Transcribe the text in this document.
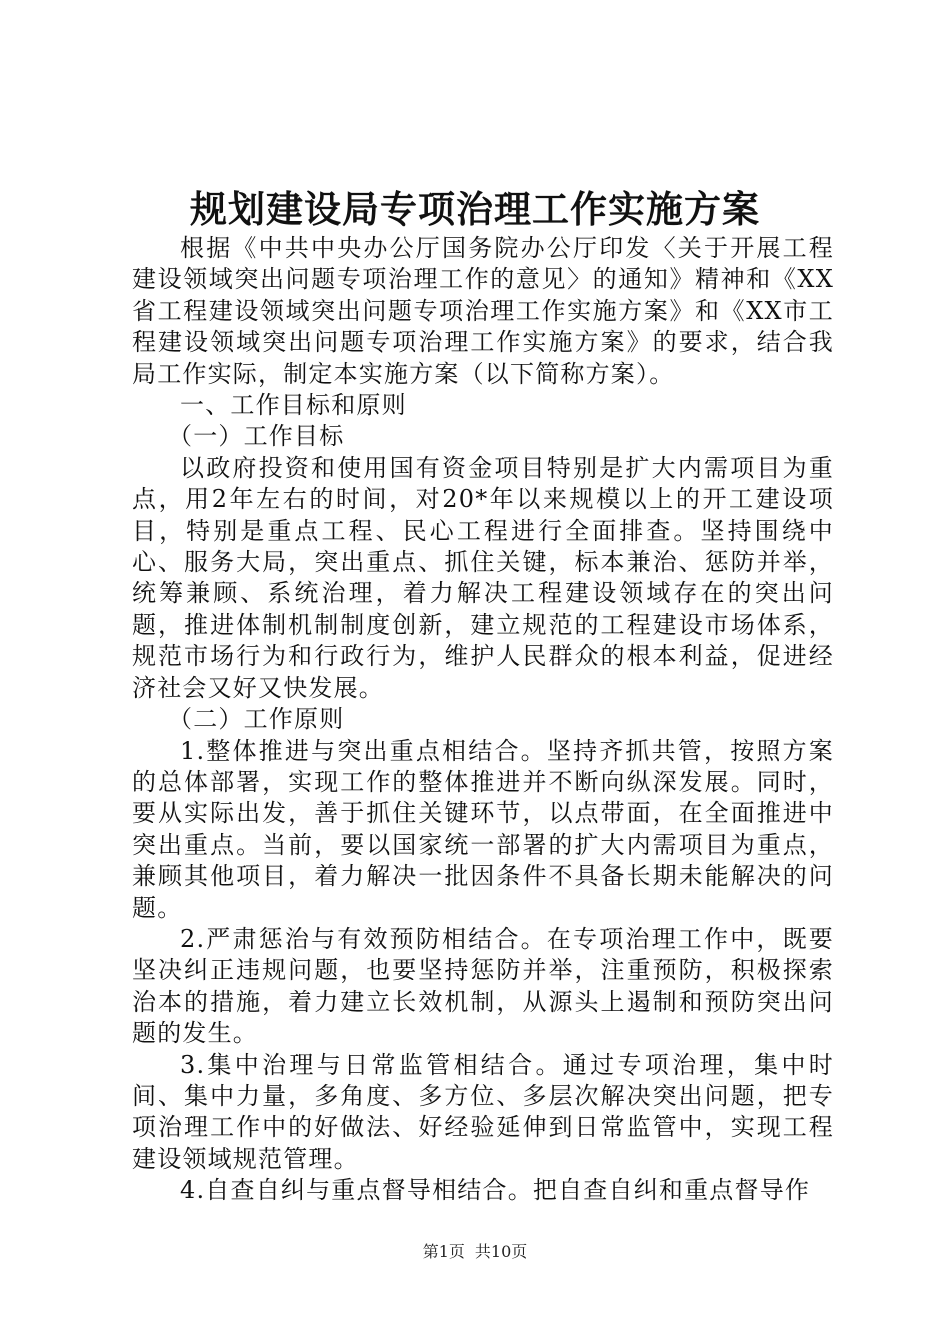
规划建设局专项治理工作实施方案

根据《中共中央办公厅国务院办公厅印发〈关于开展工程建设领域突出问题专项治理工作的意见〉的通知》精神和《XX省工程建设领域突出问题专项治理工作实施方案》和《XX市工程建设领域突出问题专项治理工作实施方案》的要求，结合我局工作实际，制定本实施方案（以下简称方案）。

一、工作目标和原则

（一）工作目标

以政府投资和使用国有资金项目特别是扩大内需项目为重点，用2年左右的时间，对20*年以来规模以上的开工建设项目，特别是重点工程、民心工程进行全面排查。坚持围绕中心、服务大局，突出重点、抓住关键，标本兼治、惩防并举，统筹兼顾、系统治理，着力解决工程建设领域存在的突出问题，推进体制机制制度创新，建立规范的工程建设市场体系，规范市场行为和行政行为，维护人民群众的根本利益，促进经济社会又好又快发展。

（二）工作原则

1.整体推进与突出重点相结合。坚持齐抓共管，按照方案的总体部署，实现工作的整体推进并不断向纵深发展。同时，要从实际出发，善于抓住关键环节，以点带面，在全面推进中突出重点。当前，要以国家统一部署的扩大内需项目为重点，兼顾其他项目，着力解决一批因条件不具备长期未能解决的问题。

2.严肃惩治与有效预防相结合。在专项治理工作中，既要坚决纠正违规问题，也要坚持惩防并举，注重预防，积极探索治本的措施，着力建立长效机制，从源头上遏制和预防突出问题的发生。

3.集中治理与日常监管相结合。通过专项治理，集中时间、集中力量，多角度、多方位、多层次解决突出问题，把专项治理工作中的好做法、好经验延伸到日常监管中，实现工程建设领域规范管理。

4.自查自纠与重点督导相结合。把自查自纠和重点督导作

第1页 共10页
